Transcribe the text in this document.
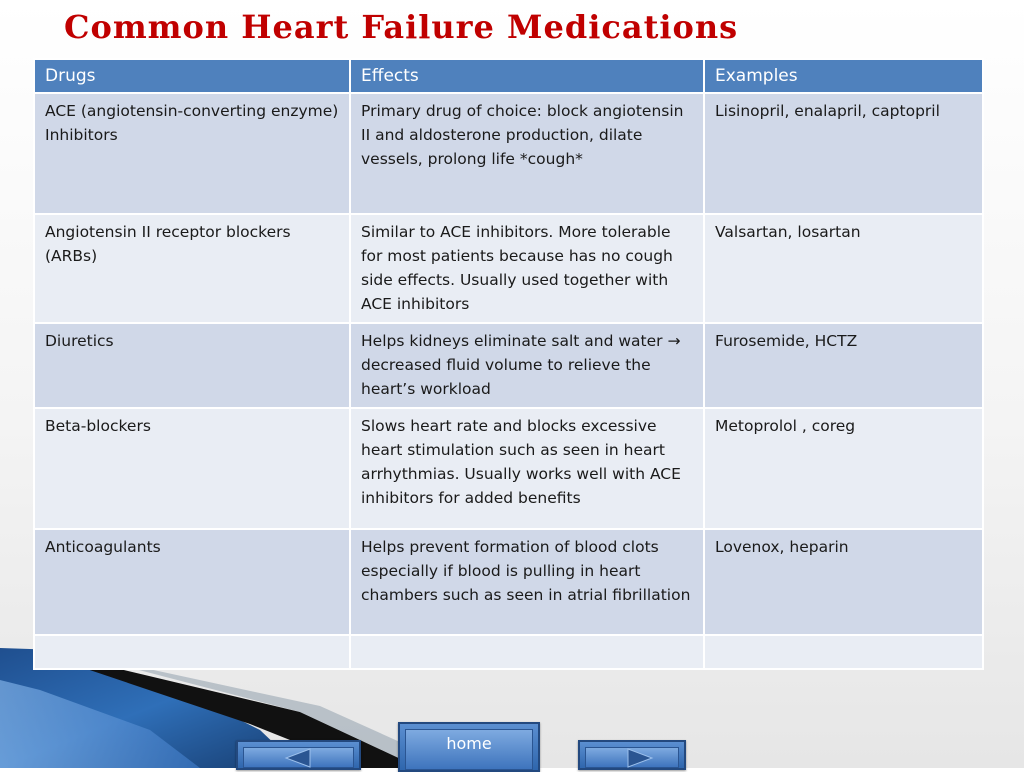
Common Heart Failure Medications
Drugs	Effects	Examples
ACE (angiotensin-converting enzyme) Inhibitors	Primary drug of choice: block angiotensin II and aldosterone production, dilate vessels, prolong life *cough*	Lisinopril, enalapril, captopril
Angiotensin II receptor blockers (ARBs)	Similar to ACE inhibitors. More tolerable for most patients because has no cough side effects. Usually used together with ACE inhibitors	Valsartan, losartan
Diuretics	Helps kidneys eliminate salt and water → decreased fluid volume to relieve the heart’s workload	Furosemide, HCTZ
Beta-blockers	Slows heart rate and blocks excessive heart stimulation such as seen in heart arrhythmias. Usually works well with ACE inhibitors for added benefits	Metoprolol , coreg
Anticoagulants	Helps prevent formation of blood clots especially if blood is pulling in heart chambers such as seen in atrial fibrillation	Lovenox, heparin

home
